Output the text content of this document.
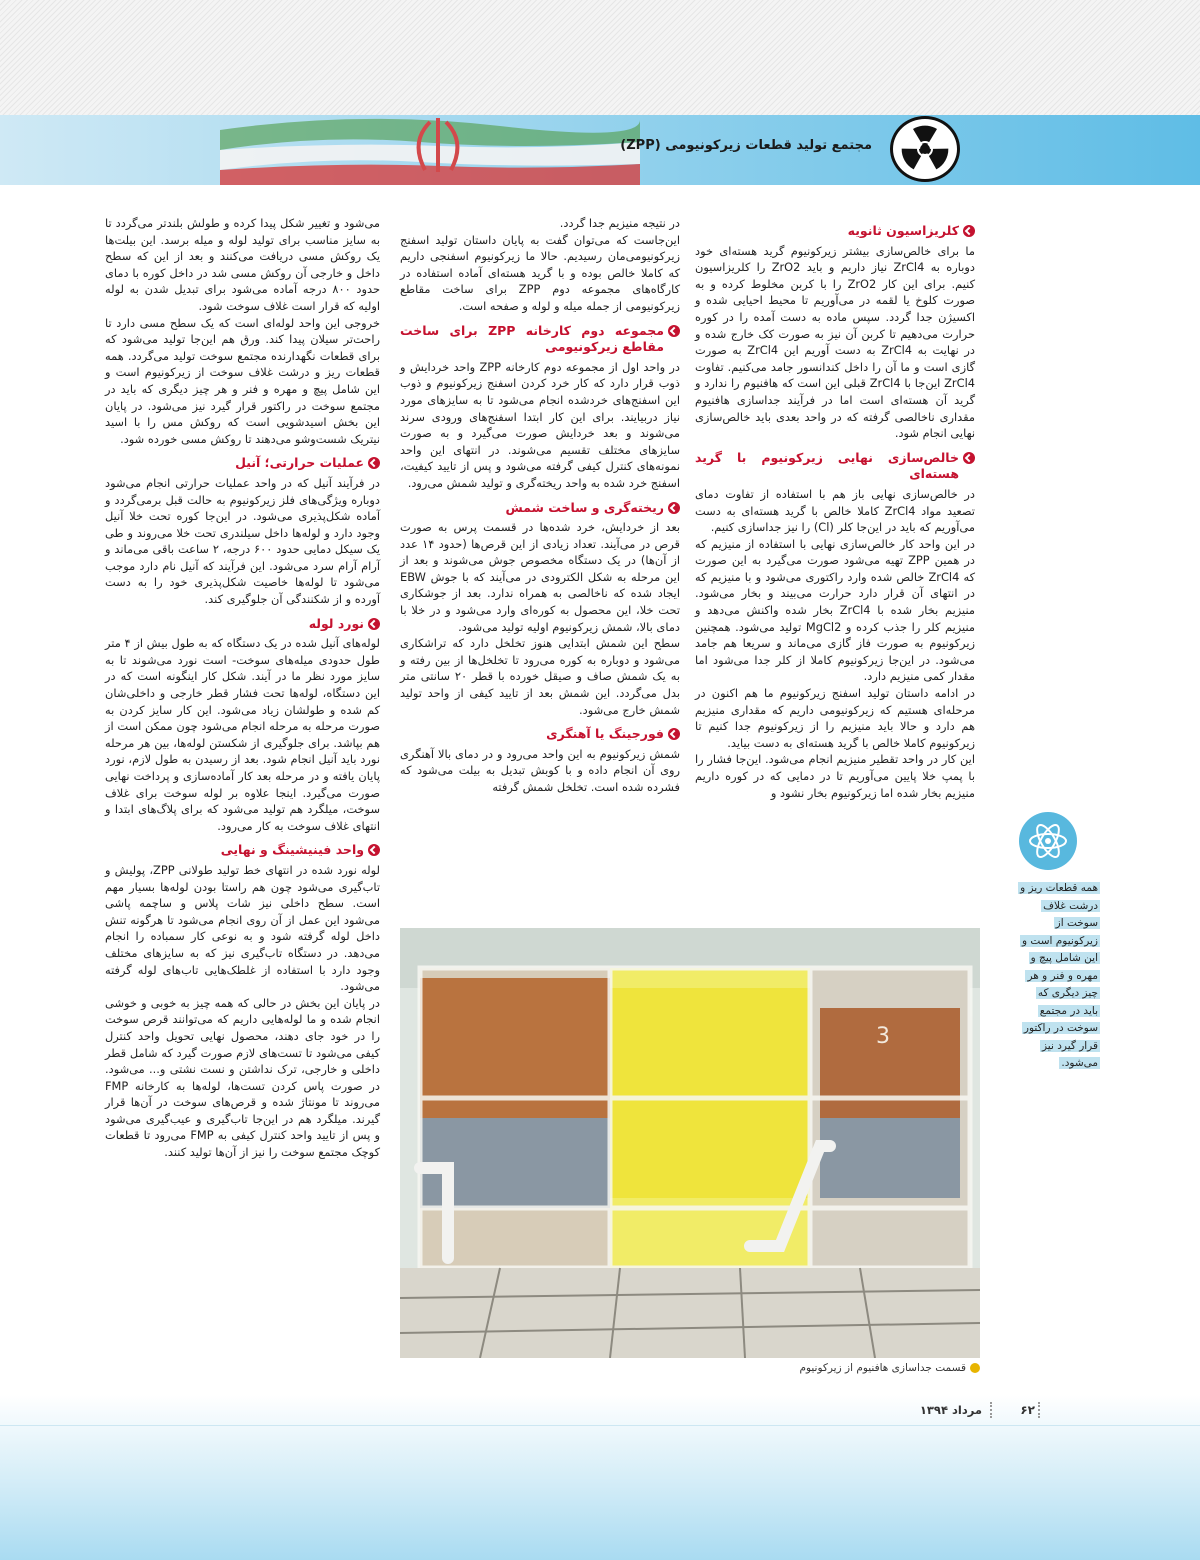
مجتمع تولید قطعات زیرکونیومی (ZPP)
کلریزاسیون ثانویه

ما برای خالص‌سازی بیشتر زیرکونیوم گرید هسته‌ای خود دوباره به ZrCl4 نیاز داریم و باید ZrO2 را کلریزاسیون کنیم. برای این کار ZrO2 را با کربن مخلوط کرده و به صورت کلوخ یا لقمه در می‌آوریم تا محیط احیایی شده و اکسیژن جدا گردد. سپس ماده به دست آمده را در کوره حرارت می‌دهیم تا کربن آن نیز به صورت کک خارج شده و در نهایت به ZrCl4 به دست آوریم این ZrCl4 به صورت گازی است و ما آن را داخل کندانسور جامد می‌کنیم. تفاوت ZrCl4 این‌جا با ZrCl4 قبلی این است که هافنیوم را ندارد و گرید آن هسته‌ای است اما در فرآیند جداسازی هافنیوم مقداری ناخالصی گرفته که در واحد بعدی باید خالص‌سازی نهایی انجام شود.

خالص‌سازی نهایی زیرکونیوم با گرید هسته‌ای

در خالص‌سازی نهایی باز هم با استفاده از تفاوت دمای تصعید مواد ZrCl4 کاملا خالص با گرید هسته‌ای به دست می‌آوریم که باید در این‌جا کلر (Cl) را نیز جداسازی کنیم.

در این واحد کار خالص‌سازی نهایی با استفاده از منیزیم که در همین ZPP تهیه می‌شود صورت می‌گیرد به این صورت که ZrCl4 خالص شده وارد راکتوری می‌شود و با منیزیم که در انتهای آن قرار دارد حرارت می‌بیند و بخار می‌شود. منیزیم بخار شده با ZrCl4 بخار شده واکنش می‌دهد و منیزیم کلر را جذب کرده و MgCl2 تولید می‌شود. همچنین زیرکونیوم به صورت فاز گازی می‌ماند و سریعا هم جامد می‌شود. در این‌جا زیرکونیوم کاملا از کلر جدا می‌شود اما مقدار کمی منیزیم دارد.

در ادامه داستان تولید اسفنج زیرکونیوم ما هم اکنون در مرحله‌ای هستیم که زیرکونیومی داریم که مقداری منیزیم هم دارد و حالا باید منیزیم را از زیرکونیوم جدا کنیم تا زیرکونیوم کاملا خالص با گرید هسته‌ای به دست بیاید.

این کار در واحد تقطیر منیزیم انجام می‌شود. این‌جا فشار را با پمپ خلا پایین می‌آوریم تا در دمایی که در کوره داریم منیزیم بخار شده اما زیرکونیوم بخار نشود و

در نتیجه منیزیم جدا گردد.

این‌جاست که می‌توان گفت به پایان داستان تولید اسفنج زیرکونیومی‌مان رسیدیم. حالا ما زیرکونیوم اسفنجی داریم که کاملا خالص بوده و با گرید هسته‌ای آماده استفاده در کارگاه‌های مجموعه دوم ZPP برای ساخت مقاطع زیرکونیومی از جمله میله و لوله و صفحه است.

مجموعه دوم کارخانه ZPP برای ساخت مقاطع زیرکونیومی

در واحد اول از مجموعه دوم کارخانه ZPP واحد خردایش و ذوب قرار دارد که کار خرد کردن اسفنج زیرکونیوم و ذوب این اسفنج‌های خردشده انجام می‌شود تا به سایزهای مورد نیاز دربیایند. برای این کار ابتدا اسفنج‌های ورودی سرند می‌شوند و بعد خردایش صورت می‌گیرد و به صورت سایزهای مختلف تقسیم می‌شوند. در انتهای این واحد نمونه‌های کنترل کیفی گرفته می‌شود و پس از تایید کیفیت، اسفنج خرد شده به واحد ریخته‌گری و تولید شمش می‌رود.

ریخته‌گری و ساخت شمش

بعد از خردایش، خرد شده‌ها در قسمت پرس به صورت قرص در می‌آیند. تعداد زیادی از این قرص‌ها (حدود ۱۴ عدد از آن‌ها) در یک دستگاه مخصوص جوش می‌شوند و بعد از این مرحله به شکل الکترودی در می‌آیند که با جوش EBW ایجاد شده که ناخالصی به همراه ندارد. بعد از جوشکاری تحت خلا، این محصول به کوره‌ای وارد می‌شود و در خلا با دمای بالا، شمش زیرکونیوم اولیه تولید می‌شود.

سطح این شمش ابتدایی هنوز تخلخل دارد که تراشکاری می‌شود و دوباره به کوره می‌رود تا تخلخل‌ها از بین رفته و به یک شمش صاف و صیقل خورده با قطر ۲۰ سانتی متر بدل می‌گردد. این شمش بعد از تایید کیفی از واحد تولید شمش خارج می‌شود.

فورجینگ یا آهنگری

شمش زیرکونیوم به این واحد می‌رود و در دمای بالا آهنگری روی آن انجام داده و با کوبش تبدیل به بیلت می‌شود که فشرده شده است. تخلخل شمش گرفته

می‌شود و تغییر شکل پیدا کرده و طولش بلندتر می‌گردد تا به سایز مناسب برای تولید لوله و میله برسد. این بیلت‌ها یک روکش مسی دریافت می‌کنند و بعد از این که سطح داخل و خارجی آن روکش مسی شد در داخل کوره با دمای حدود ۸۰۰ درجه آماده می‌شود برای تبدیل شدن به لوله اولیه که قرار است غلاف سوخت شود.

خروجی این واحد لوله‌ای است که یک سطح مسی دارد تا راحت‌تر سیلان پیدا کند. ورق هم این‌جا تولید می‌شود که برای قطعات نگهدارنده مجتمع سوخت تولید می‌گردد. همه قطعات ریز و درشت غلاف سوخت از زیرکونیوم است و این شامل پیچ و مهره و فنر و هر چیز دیگری که باید در مجتمع سوخت در راکتور قرار گیرد نیز می‌شود. در پایان این بخش اسیدشویی است که روکش مس را با اسید نیتریک شست‌وشو می‌دهند تا روکش مسی خورده شود.

عملیات حرارتی؛ آنیل

در فرآیند آنیل که در واحد عملیات حرارتی انجام می‌شود دوباره ویژگی‌های فلز زیرکونیوم به حالت قبل برمی‌گردد و آماده شکل‌پذیری می‌شود. در این‌جا کوره تحت خلا آنیل وجود دارد و لوله‌ها داخل سیلندری تحت خلا می‌روند و طی یک سیکل دمایی حدود ۶۰۰ درجه، ۲ ساعت باقی می‌ماند و آرام آرام سرد می‌شود. این فرآیند که آنیل نام دارد موجب می‌شود تا لوله‌ها خاصیت شکل‌پذیری خود را به دست آورده و از شکنندگی آن جلوگیری کند.

نورد لوله

لوله‌های آنیل شده در یک دستگاه که به طول بیش از ۴ متر طول حدودی میله‌های سوخت- است نورد می‌شوند تا به سایز مورد نظر ما در آیند. شکل کار اینگونه است که در این دستگاه، لوله‌ها تحت فشار قطر خارجی و داخلی‌شان کم شده و طولشان زیاد می‌شود. این کار سایز کردن به صورت مرحله به مرحله انجام می‌شود چون ممکن است از هم بپاشد. برای جلوگیری از شکستن لوله‌ها، بین هر مرحله نورد باید آنیل انجام شود. بعد از رسیدن به طول لازم، نورد پایان یافته و در مرحله بعد کار آماده‌سازی و پرداخت نهایی صورت می‌گیرد. اینجا علاوه بر لوله سوخت برای غلاف سوخت، میلگرد هم تولید می‌شود که برای پلاگ‌های ابتدا و انتهای غلاف سوخت به کار می‌رود.

واحد فینیشینگ و نهایی

لوله نورد شده در انتهای خط تولید طولانی ZPP، پولیش و تاب‌گیری می‌شود چون هم راستا بودن لوله‌ها بسیار مهم است. سطح داخلی نیز شات پلاس و ساچمه پاشی می‌شود این عمل از آن روی انجام می‌شود تا هرگونه تنش داخل لوله گرفته شود و به نوعی کار سمباده را انجام می‌دهد. در دستگاه تاب‌گیری نیز که به سایزهای مختلف وجود دارد با استفاده از غلطک‌هایی تاب‌های لوله گرفته می‌شود.

در پایان این بخش در حالی که همه چیز به خوبی و خوشی انجام شده و ما لوله‌هایی داریم که می‌توانند قرص سوخت را در خود جای دهند، محصول نهایی تحویل واحد کنترل کیفی می‌شود تا تست‌های لازم صورت گیرد که شامل قطر داخلی و خارجی، ترک نداشتن و نست نشتی و... می‌شود. در صورت پاس کردن تست‌ها، لوله‌ها به کارخانه FMP می‌روند تا مونتاژ شده و قرص‌های سوخت در آن‌ها قرار گیرند. میلگرد هم در این‌جا تاب‌گیری و عیب‌گیری می‌شود و پس از تایید واحد کنترل کیفی به FMP می‌رود تا قطعات کوچک مجتمع سوخت را نیز از آن‌ها تولید کنند.

3
قسمت جداسازی هافنیوم از زیرکونیوم
همه قطعات ریز و درشت غلاف سوخت از زیرکونیوم است و این شامل پیچ و مهره و فنر و هر چیز دیگری که باید در مجتمع سوخت در راکتور قرار گیرد نیز می‌شود.
۶۲
مرداد ۱۳۹۴
